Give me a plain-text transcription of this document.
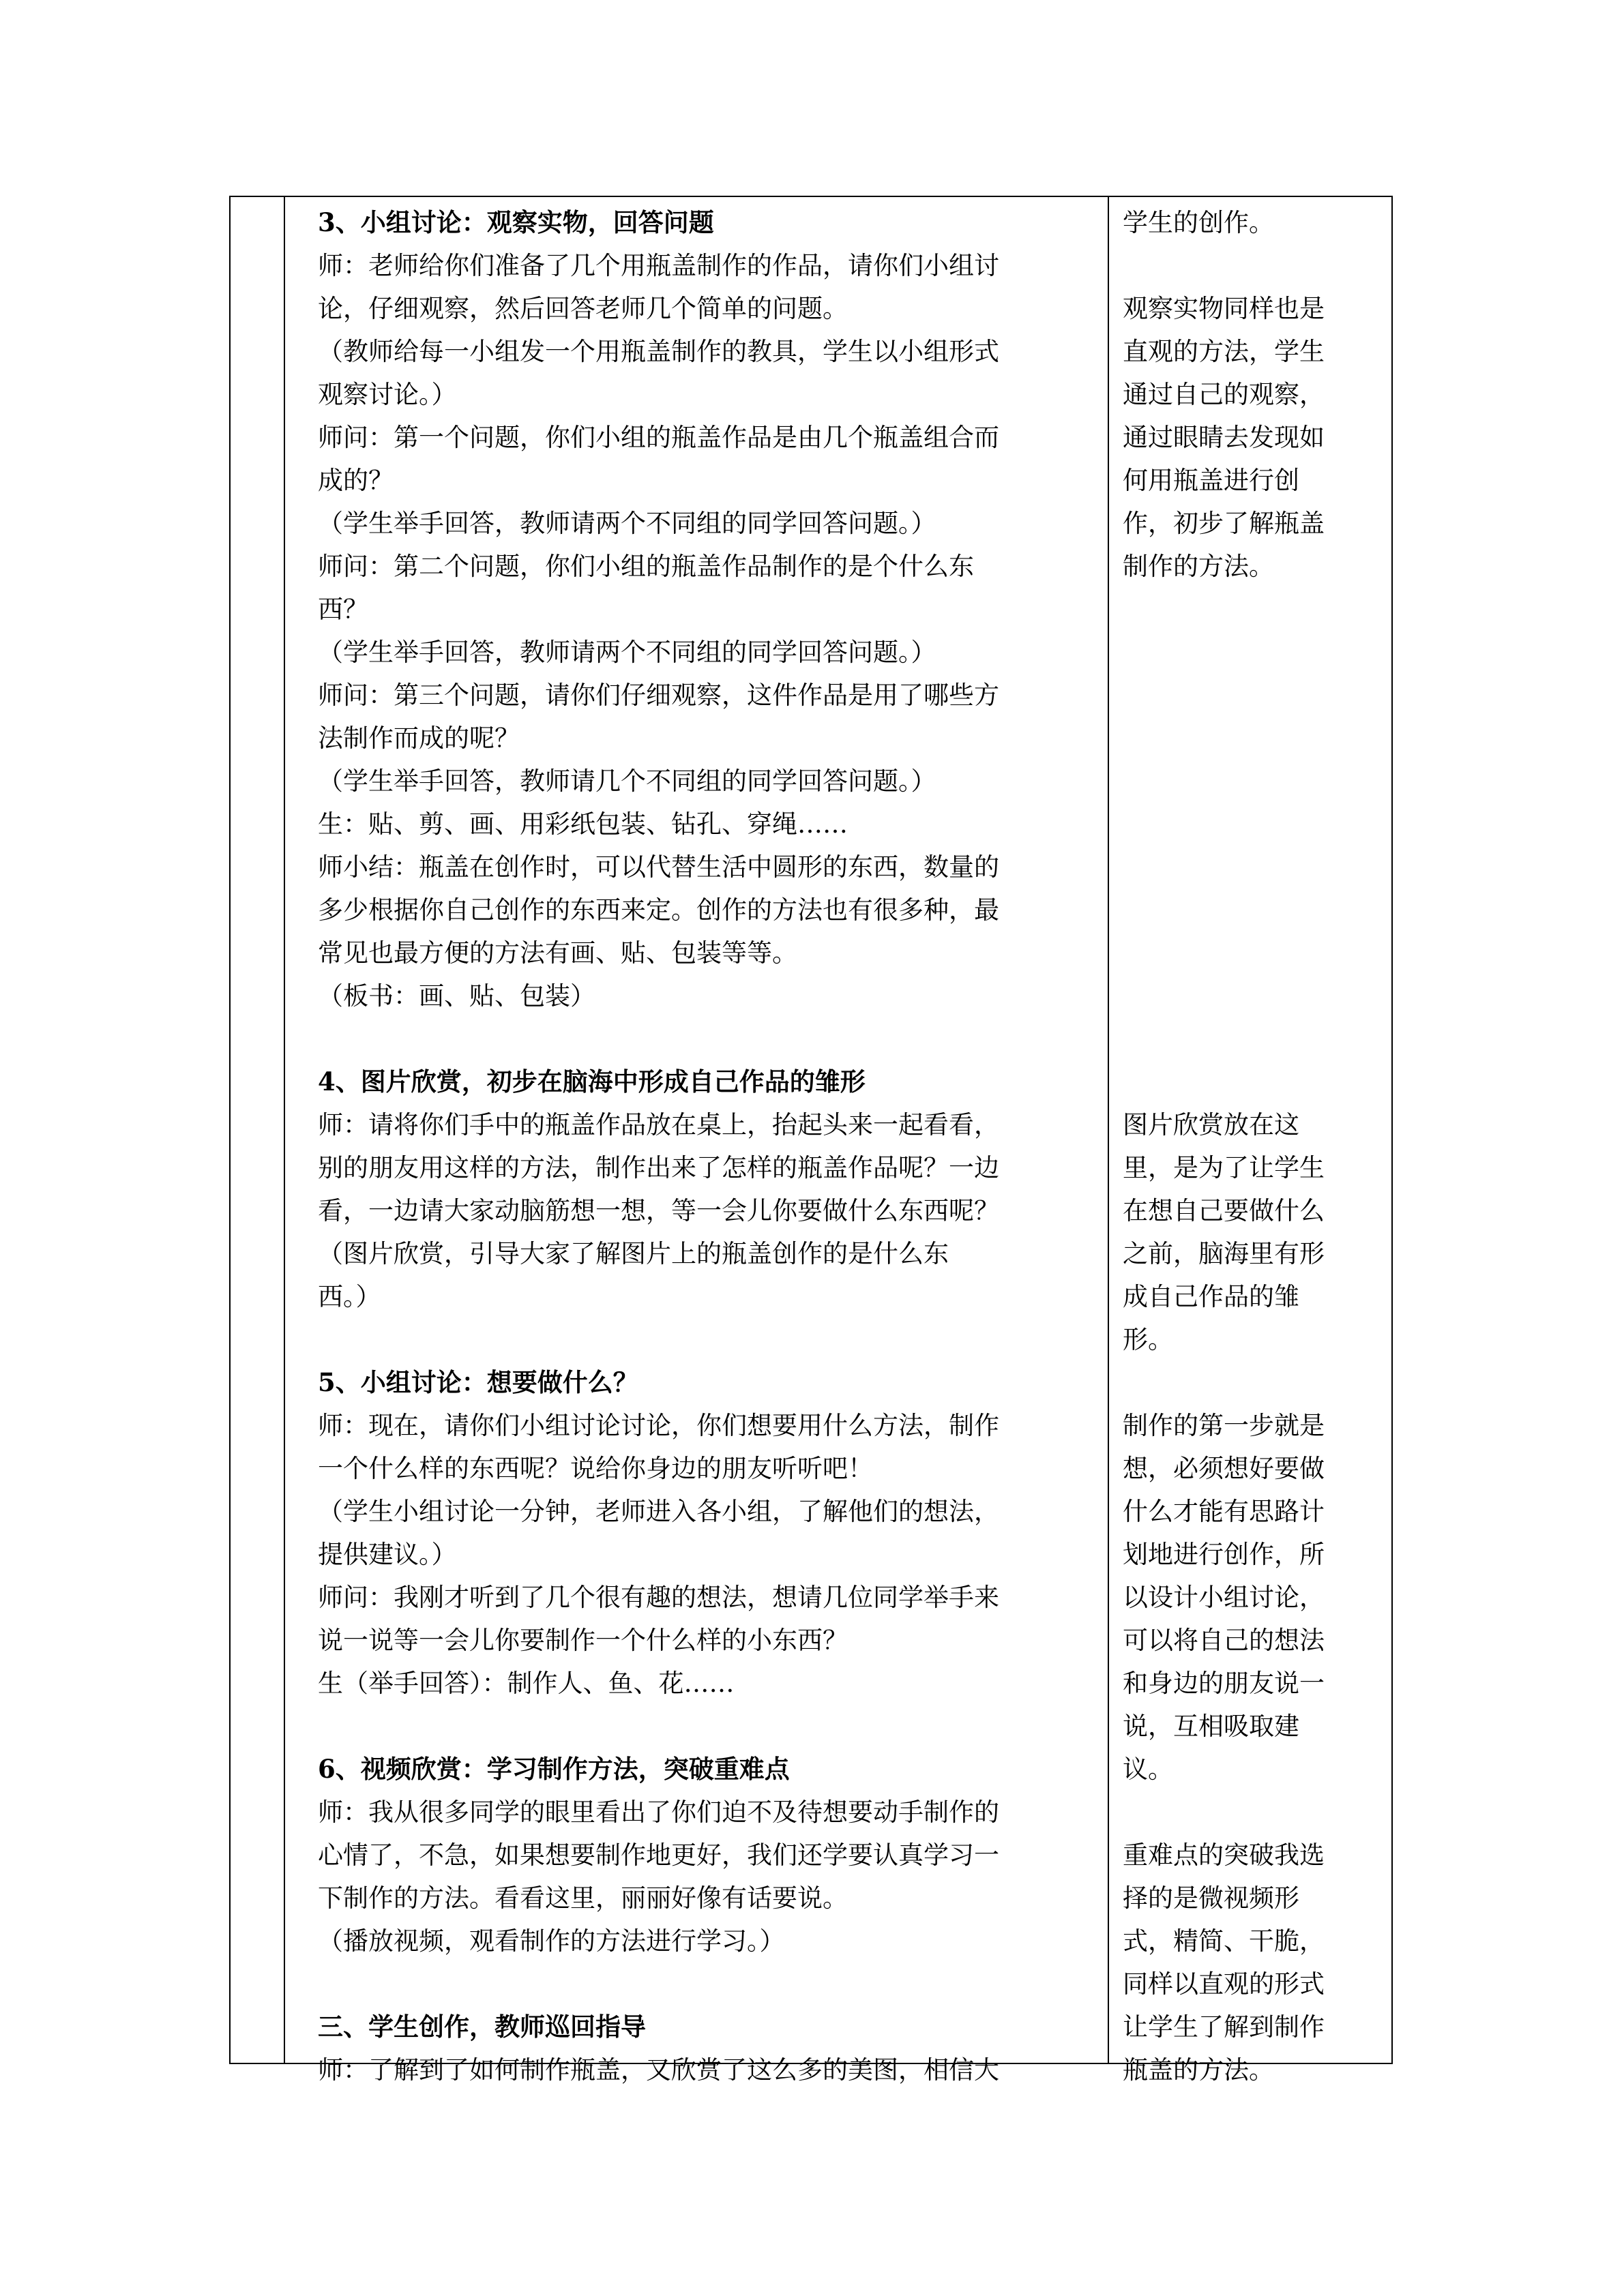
3、小组讨论：观察实物，回答问题
师：老师给你们准备了几个用瓶盖制作的作品，请你们小组讨
论，仔细观察，然后回答老师几个简单的问题。
（教师给每一小组发一个用瓶盖制作的教具，学生以小组形式
观察讨论。）
师问：第一个问题，你们小组的瓶盖作品是由几个瓶盖组合而
成的？
（学生举手回答，教师请两个不同组的同学回答问题。）
师问：第二个问题，你们小组的瓶盖作品制作的是个什么东
西？
（学生举手回答，教师请两个不同组的同学回答问题。）
师问：第三个问题，请你们仔细观察，这件作品是用了哪些方
法制作而成的呢？
（学生举手回答，教师请几个不同组的同学回答问题。）
生：贴、剪、画、用彩纸包装、钻孔、穿绳……
师小结：瓶盖在创作时，可以代替生活中圆形的东西，数量的
多少根据你自己创作的东西来定。创作的方法也有很多种，最
常见也最方便的方法有画、贴、包装等等。
（板书：画、贴、包装）
4、图片欣赏，初步在脑海中形成自己作品的雏形
师：请将你们手中的瓶盖作品放在桌上，抬起头来一起看看，
别的朋友用这样的方法，制作出来了怎样的瓶盖作品呢？一边
看，一边请大家动脑筋想一想，等一会儿你要做什么东西呢？
（图片欣赏，引导大家了解图片上的瓶盖创作的是什么东
西。）
5、小组讨论：想要做什么？
师：现在，请你们小组讨论讨论，你们想要用什么方法，制作
一个什么样的东西呢？说给你身边的朋友听听吧！
（学生小组讨论一分钟，老师进入各小组，了解他们的想法，
提供建议。）
师问：我刚才听到了几个很有趣的想法，想请几位同学举手来
说一说等一会儿你要制作一个什么样的小东西？
生（举手回答）：制作人、鱼、花……
6、视频欣赏：学习制作方法，突破重难点
师：我从很多同学的眼里看出了你们迫不及待想要动手制作的
心情了，不急，如果想要制作地更好，我们还学要认真学习一
下制作的方法。看看这里，丽丽好像有话要说。
（播放视频，观看制作的方法进行学习。）
三、学生创作，教师巡回指导
师：了解到了如何制作瓶盖，又欣赏了这么多的美图，相信大
学生的创作。
观察实物同样也是
直观的方法，学生
通过自己的观察，
通过眼睛去发现如
何用瓶盖进行创
作，初步了解瓶盖
制作的方法。
图片欣赏放在这
里，是为了让学生
在想自己要做什么
之前，脑海里有形
成自己作品的雏
形。
制作的第一步就是
想，必须想好要做
什么才能有思路计
划地进行创作，所
以设计小组讨论，
可以将自己的想法
和身边的朋友说一
说，互相吸取建
议。
重难点的突破我选
择的是微视频形
式，精简、干脆，
同样以直观的形式
让学生了解到制作
瓶盖的方法。
